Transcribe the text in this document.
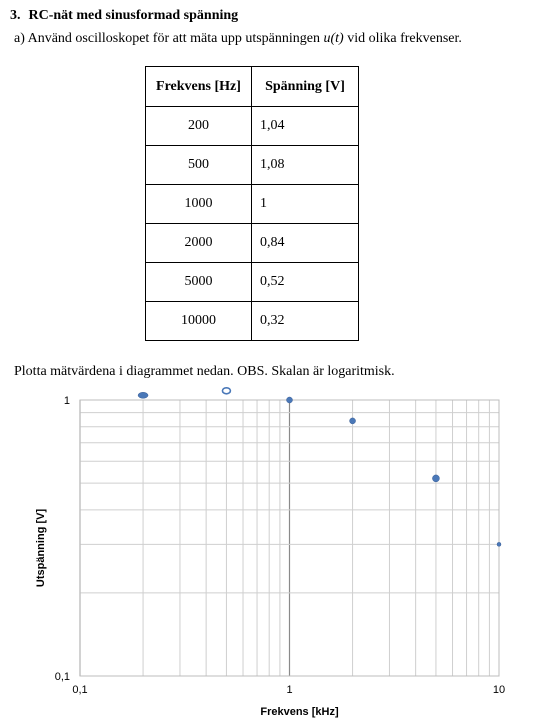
3. RC-nät med sinusformad spänning
a) Använd oscilloskopet för att mäta upp utspänningen u(t) vid olika frekvenser.
Frekvens [Hz]	Spänning [V]
200	1,04
500	1,08
1000	1
2000	0,84
5000	0,52
10000	0,32
Plotta mätvärdena i diagrammet nedan. OBS. Skalan är logaritmisk.
0,1	1	10
0,1
1
Frekvens [kHz]
Utspänning [V]
